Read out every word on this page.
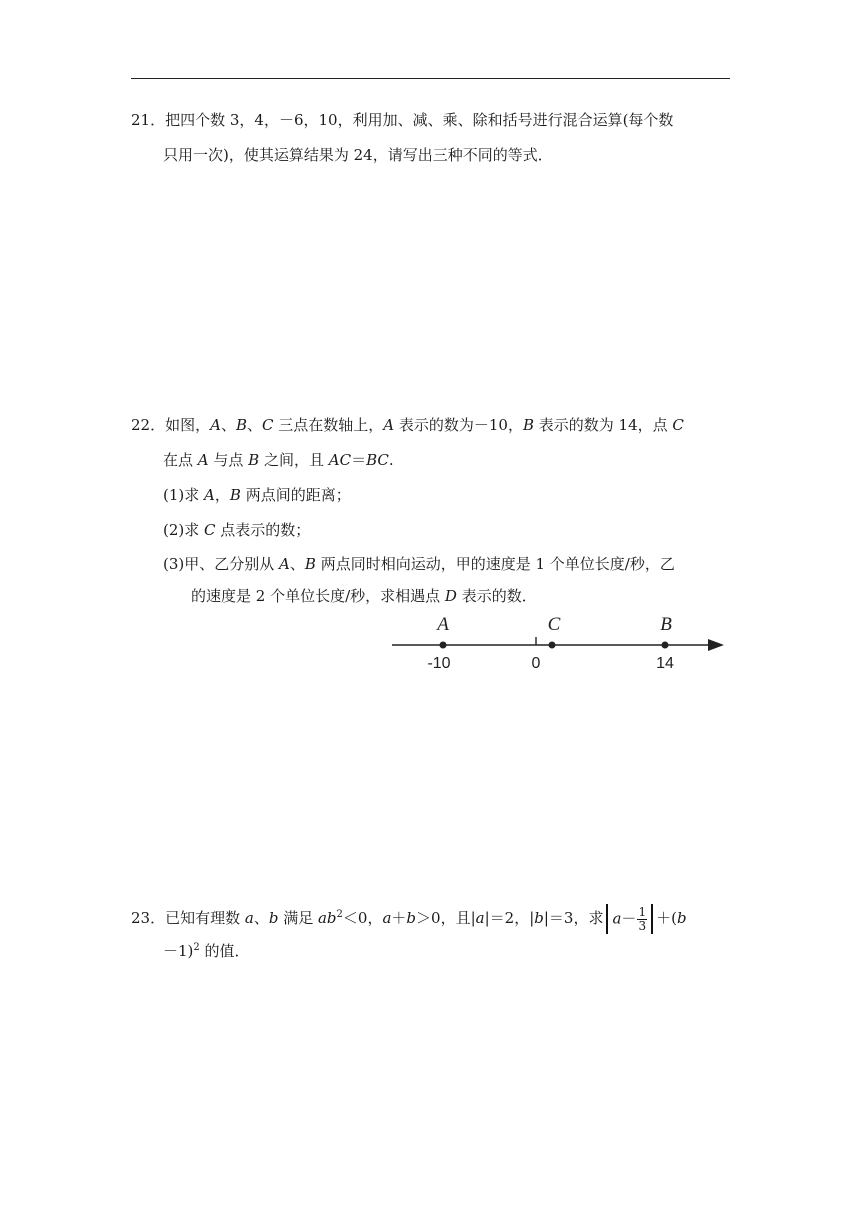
21．把四个数 3，4，－6，10，利用加、减、乘、除和括号进行混合运算(每个数
只用一次)，使其运算结果为 24，请写出三种不同的等式．
22．如图，A、B、C 三点在数轴上，A 表示的数为－10，B 表示的数为 14，点 C
在点 A 与点 B 之间，且 AC＝BC.
(1)求 A，B 两点间的距离；
(2)求 C 点表示的数；
(3)甲、乙分别从 A、B 两点同时相向运动，甲的速度是 1 个单位长度/秒，乙
的速度是 2 个单位长度/秒，求相遇点 D 表示的数．
A	C	B
-10	0	14
23．已知有理数 a、b 满足 $ab^2<0$，a＋b＞0，且|a|＝2，|b|＝3，求 $a- \frac{1}{3} +(b$
－1)$^2$ 的值．
